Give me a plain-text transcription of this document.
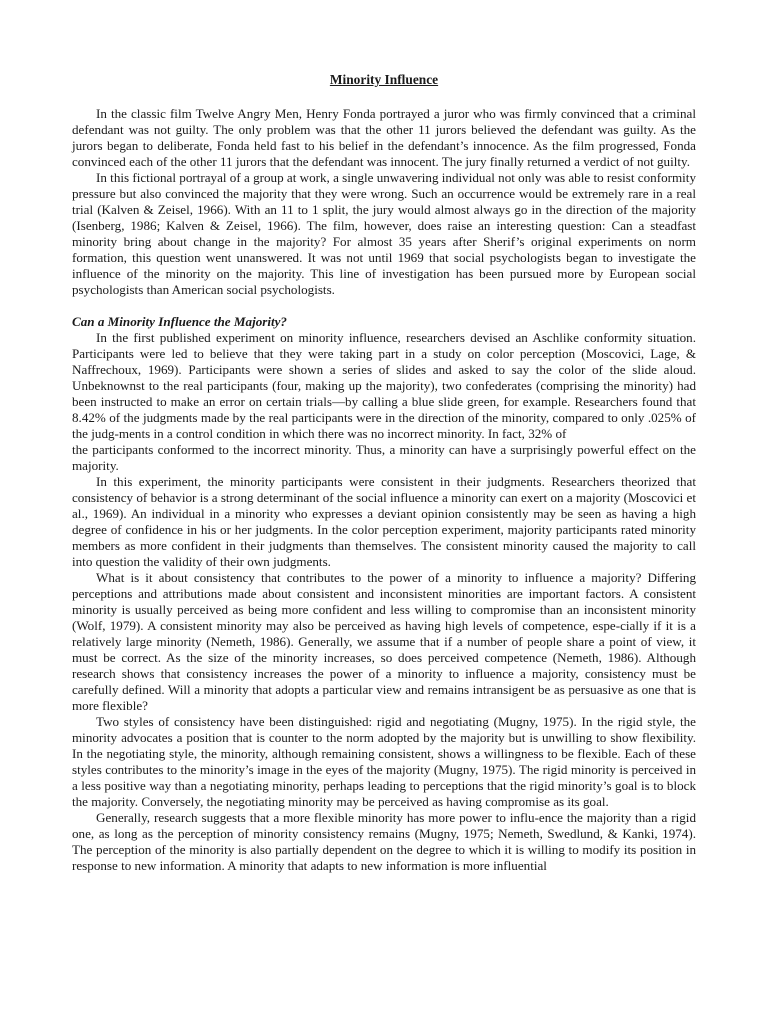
Minority Influence

In the classic film Twelve Angry Men, Henry Fonda portrayed a juror who was firmly convinced that a criminal defendant was not guilty. The only problem was that the other 11 jurors believed the defendant was guilty. As the jurors began to deliberate, Fonda held fast to his belief in the defendant’s innocence. As the film progressed, Fonda convinced each of the other 11 jurors that the defendant was innocent. The jury finally returned a verdict of not guilty.

In this fictional portrayal of a group at work, a single unwavering individual not only was able to resist conformity pressure but also convinced the majority that they were wrong. Such an occurrence would be extremely rare in a real trial (Kalven & Zeisel, 1966). With an 11 to 1 split, the jury would almost always go in the direction of the majority (Isenberg, 1986; Kalven & Zeisel, 1966). The film, however, does raise an interesting question: Can a steadfast minority bring about change in the majority? For almost 35 years after Sherif’s original experiments on norm formation, this question went unanswered. It was not until 1969 that social psychologists began to investigate the influence of the minority on the majority. This line of investigation has been pursued more by European social psychologists than American social psychologists.

Can a Minority Influence the Majority?

In the first published experiment on minority influence, researchers devised an Aschlike conformity situation. Participants were led to believe that they were taking part in a study on color perception (Moscovici, Lage, & Naffrechoux, 1969). Participants were shown a series of slides and asked to say the color of the slide aloud. Unbeknownst to the real participants (four, making up the majority), two confederates (comprising the minority) had been instructed to make an error on certain trials—by calling a blue slide green, for example. Researchers found that 8.42% of the judgments made by the real participants were in the direction of the minority, compared to only .025% of the judg-ments in a control condition in which there was no incorrect minority. In fact, 32% of

the participants conformed to the incorrect minority. Thus, a minority can have a surprisingly powerful effect on the majority.

In this experiment, the minority participants were consistent in their judgments. Researchers theorized that consistency of behavior is a strong determinant of the social influence a minority can exert on a majority (Moscovici et al., 1969). An individual in a minority who expresses a deviant opinion consistently may be seen as having a high degree of confidence in his or her judgments. In the color perception experiment, majority participants rated minority members as more confident in their judgments than themselves. The consistent minority caused the majority to call into question the validity of their own judgments.

What is it about consistency that contributes to the power of a minority to influence a majority? Differing perceptions and attributions made about consistent and inconsistent minorities are important factors. A consistent minority is usually perceived as being more confident and less willing to compromise than an inconsistent minority (Wolf, 1979). A consistent minority may also be perceived as having high levels of competence, espe-cially if it is a relatively large minority (Nemeth, 1986). Generally, we assume that if a number of people share a point of view, it must be correct. As the size of the minority increases, so does perceived competence (Nemeth, 1986). Although research shows that consistency increases the power of a minority to influence a majority, consistency must be carefully defined. Will a minority that adopts a particular view and remains intransigent be as persuasive as one that is more flexible?

Two styles of consistency have been distinguished: rigid and negotiating (Mugny, 1975). In the rigid style, the minority advocates a position that is counter to the norm adopted by the majority but is unwilling to show flexibility. In the negotiating style, the minority, although remaining consistent, shows a willingness to be flexible. Each of these styles contributes to the minority’s image in the eyes of the majority (Mugny, 1975). The rigid minority is perceived in a less positive way than a negotiating minority, perhaps leading to perceptions that the rigid minority’s goal is to block the majority. Conversely, the negotiating minority may be perceived as having compromise as its goal.

Generally, research suggests that a more flexible minority has more power to influ-ence the majority than a rigid one, as long as the perception of minority consistency remains (Mugny, 1975; Nemeth, Swedlund, & Kanki, 1974). The perception of the minority is also partially dependent on the degree to which it is willing to modify its position in response to new information. A minority that adapts to new information is more influential
